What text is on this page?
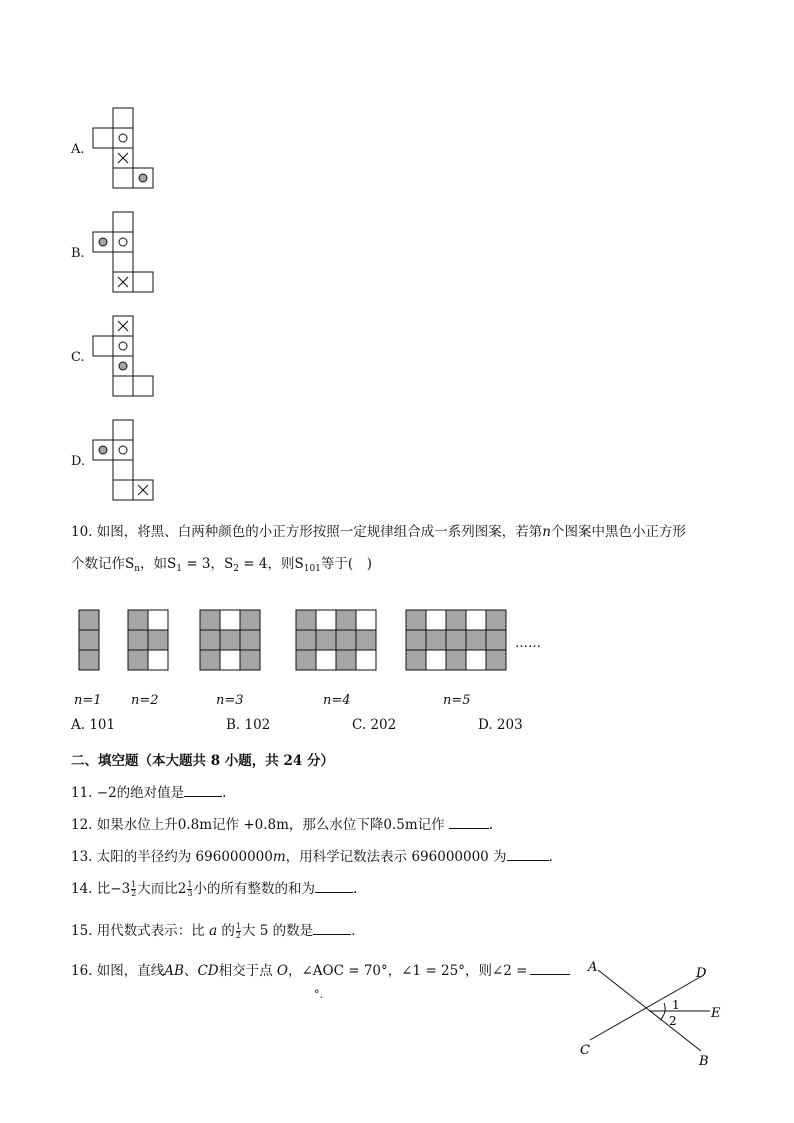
A.
B.
C.
D.
10. 如图，将黑、白两种颜色的小正方形按照一定规律组合成一系列图案，若第n个图案中黑色小正方形
个数记作$S_n$，如$S_1 = 3$，$S_2 = 4$，则$S_{101}$等于(　)
……
n=1 n=2	n=3	n=4	n=5
A. 101	B. 102	C. 202	D. 203
二、填空题（本大题共 8 小题，共 24 分）
11. −2的绝对值是	.
12. 如果水位上升0.8m记作 +0.8m，那么水位下降0.5m记作	.
13. 太阳的半径约为 696000000m，用科学记数法表示 696000000 为	.
14. 比$-3 \frac{1}{2}$ 大而比$2 \frac{1}{3}$ 小的所有整数的和为	.
15. 用代数式表示：比 a 的 $\frac{1}{2}$ 大 5 的数是	.
16. 如图，直线AB、CD相交于点 O，∠AOC = 70°，∠1 = 25°，则∠2 =
°.
A
B
C
D
E
1
2
